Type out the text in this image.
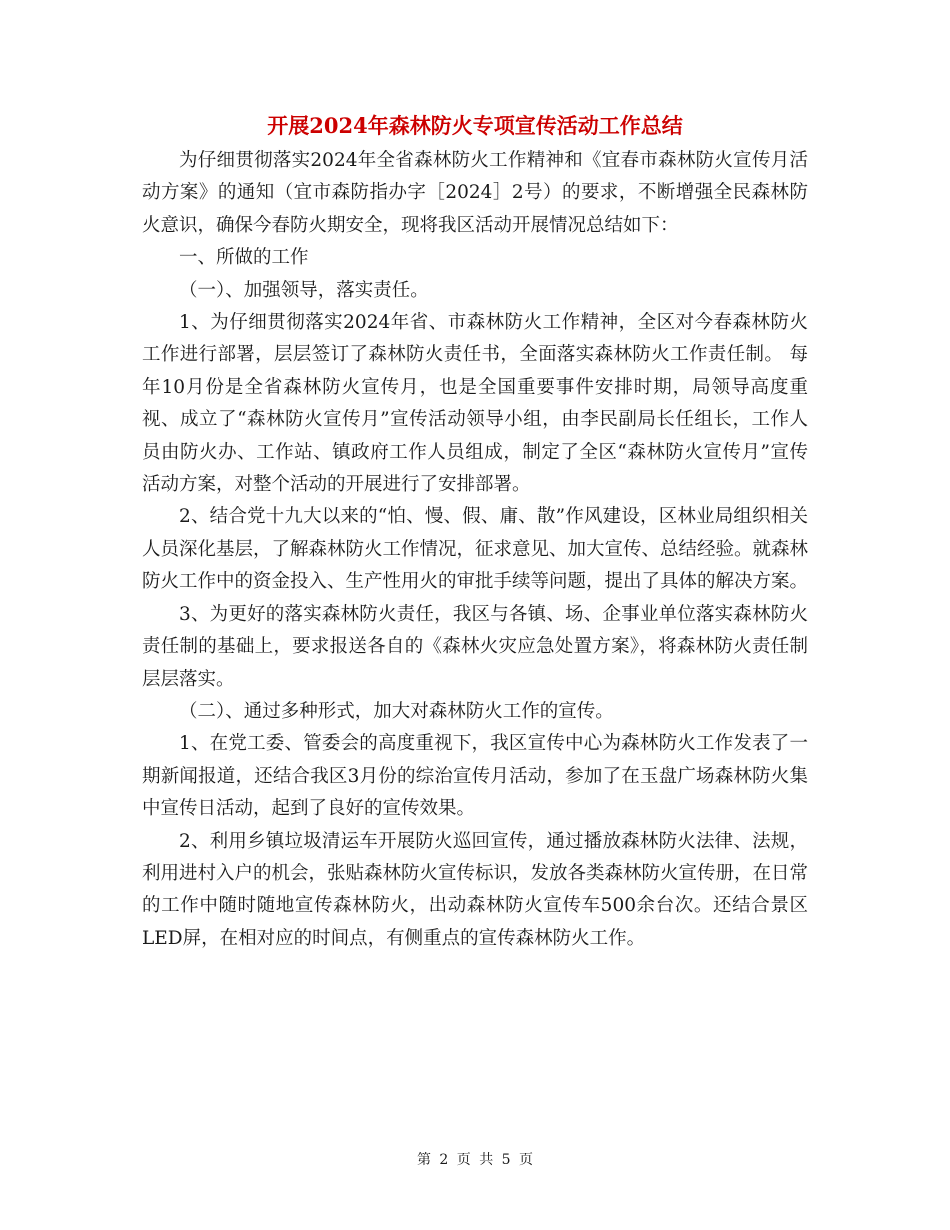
开展2024年森林防火专项宣传活动工作总结

为仔细贯彻落实2024年全省森林防火工作精神和《宜春市森林防火宣传月活动方案》的通知（宜市森防指办字［2024］2号）的要求，不断增强全民森林防火意识，确保今春防火期安全，现将我区活动开展情况总结如下：

一、所做的工作

（一）、加强领导，落实责任。

1、为仔细贯彻落实2024年省、市森林防火工作精神，全区对今春森林防火工作进行部署，层层签订了森林防火责任书，全面落实森林防火工作责任制。 每年10月份是全省森林防火宣传月，也是全国重要事件安排时期，局领导高度重视、成立了“森林防火宣传月”宣传活动领导小组，由李民副局长任组长，工作人员由防火办、工作站、镇政府工作人员组成，制定了全区“森林防火宣传月”宣传活动方案，对整个活动的开展进行了安排部署。

2、结合党十九大以来的“怕、慢、假、庸、散”作风建设，区林业局组织相关人员深化基层，了解森林防火工作情况，征求意见、加大宣传、总结经验。就森林防火工作中的资金投入、生产性用火的审批手续等问题，提出了具体的解决方案。

3、为更好的落实森林防火责任，我区与各镇、场、企事业单位落实森林防火责任制的基础上，要求报送各自的《森林火灾应急处置方案》，将森林防火责任制层层落实。

（二）、通过多种形式，加大对森林防火工作的宣传。

1、在党工委、管委会的高度重视下，我区宣传中心为森林防火工作发表了一期新闻报道，还结合我区3月份的综治宣传月活动，参加了在玉盘广场森林防火集中宣传日活动，起到了良好的宣传效果。

2、利用乡镇垃圾清运车开展防火巡回宣传，通过播放森林防火法律、法规，利用进村入户的机会，张贴森林防火宣传标识，发放各类森林防火宣传册，在日常的工作中随时随地宣传森林防火，出动森林防火宣传车500余台次。还结合景区LED屏，在相对应的时间点，有侧重点的宣传森林防火工作。

第 2 页 共 5 页
